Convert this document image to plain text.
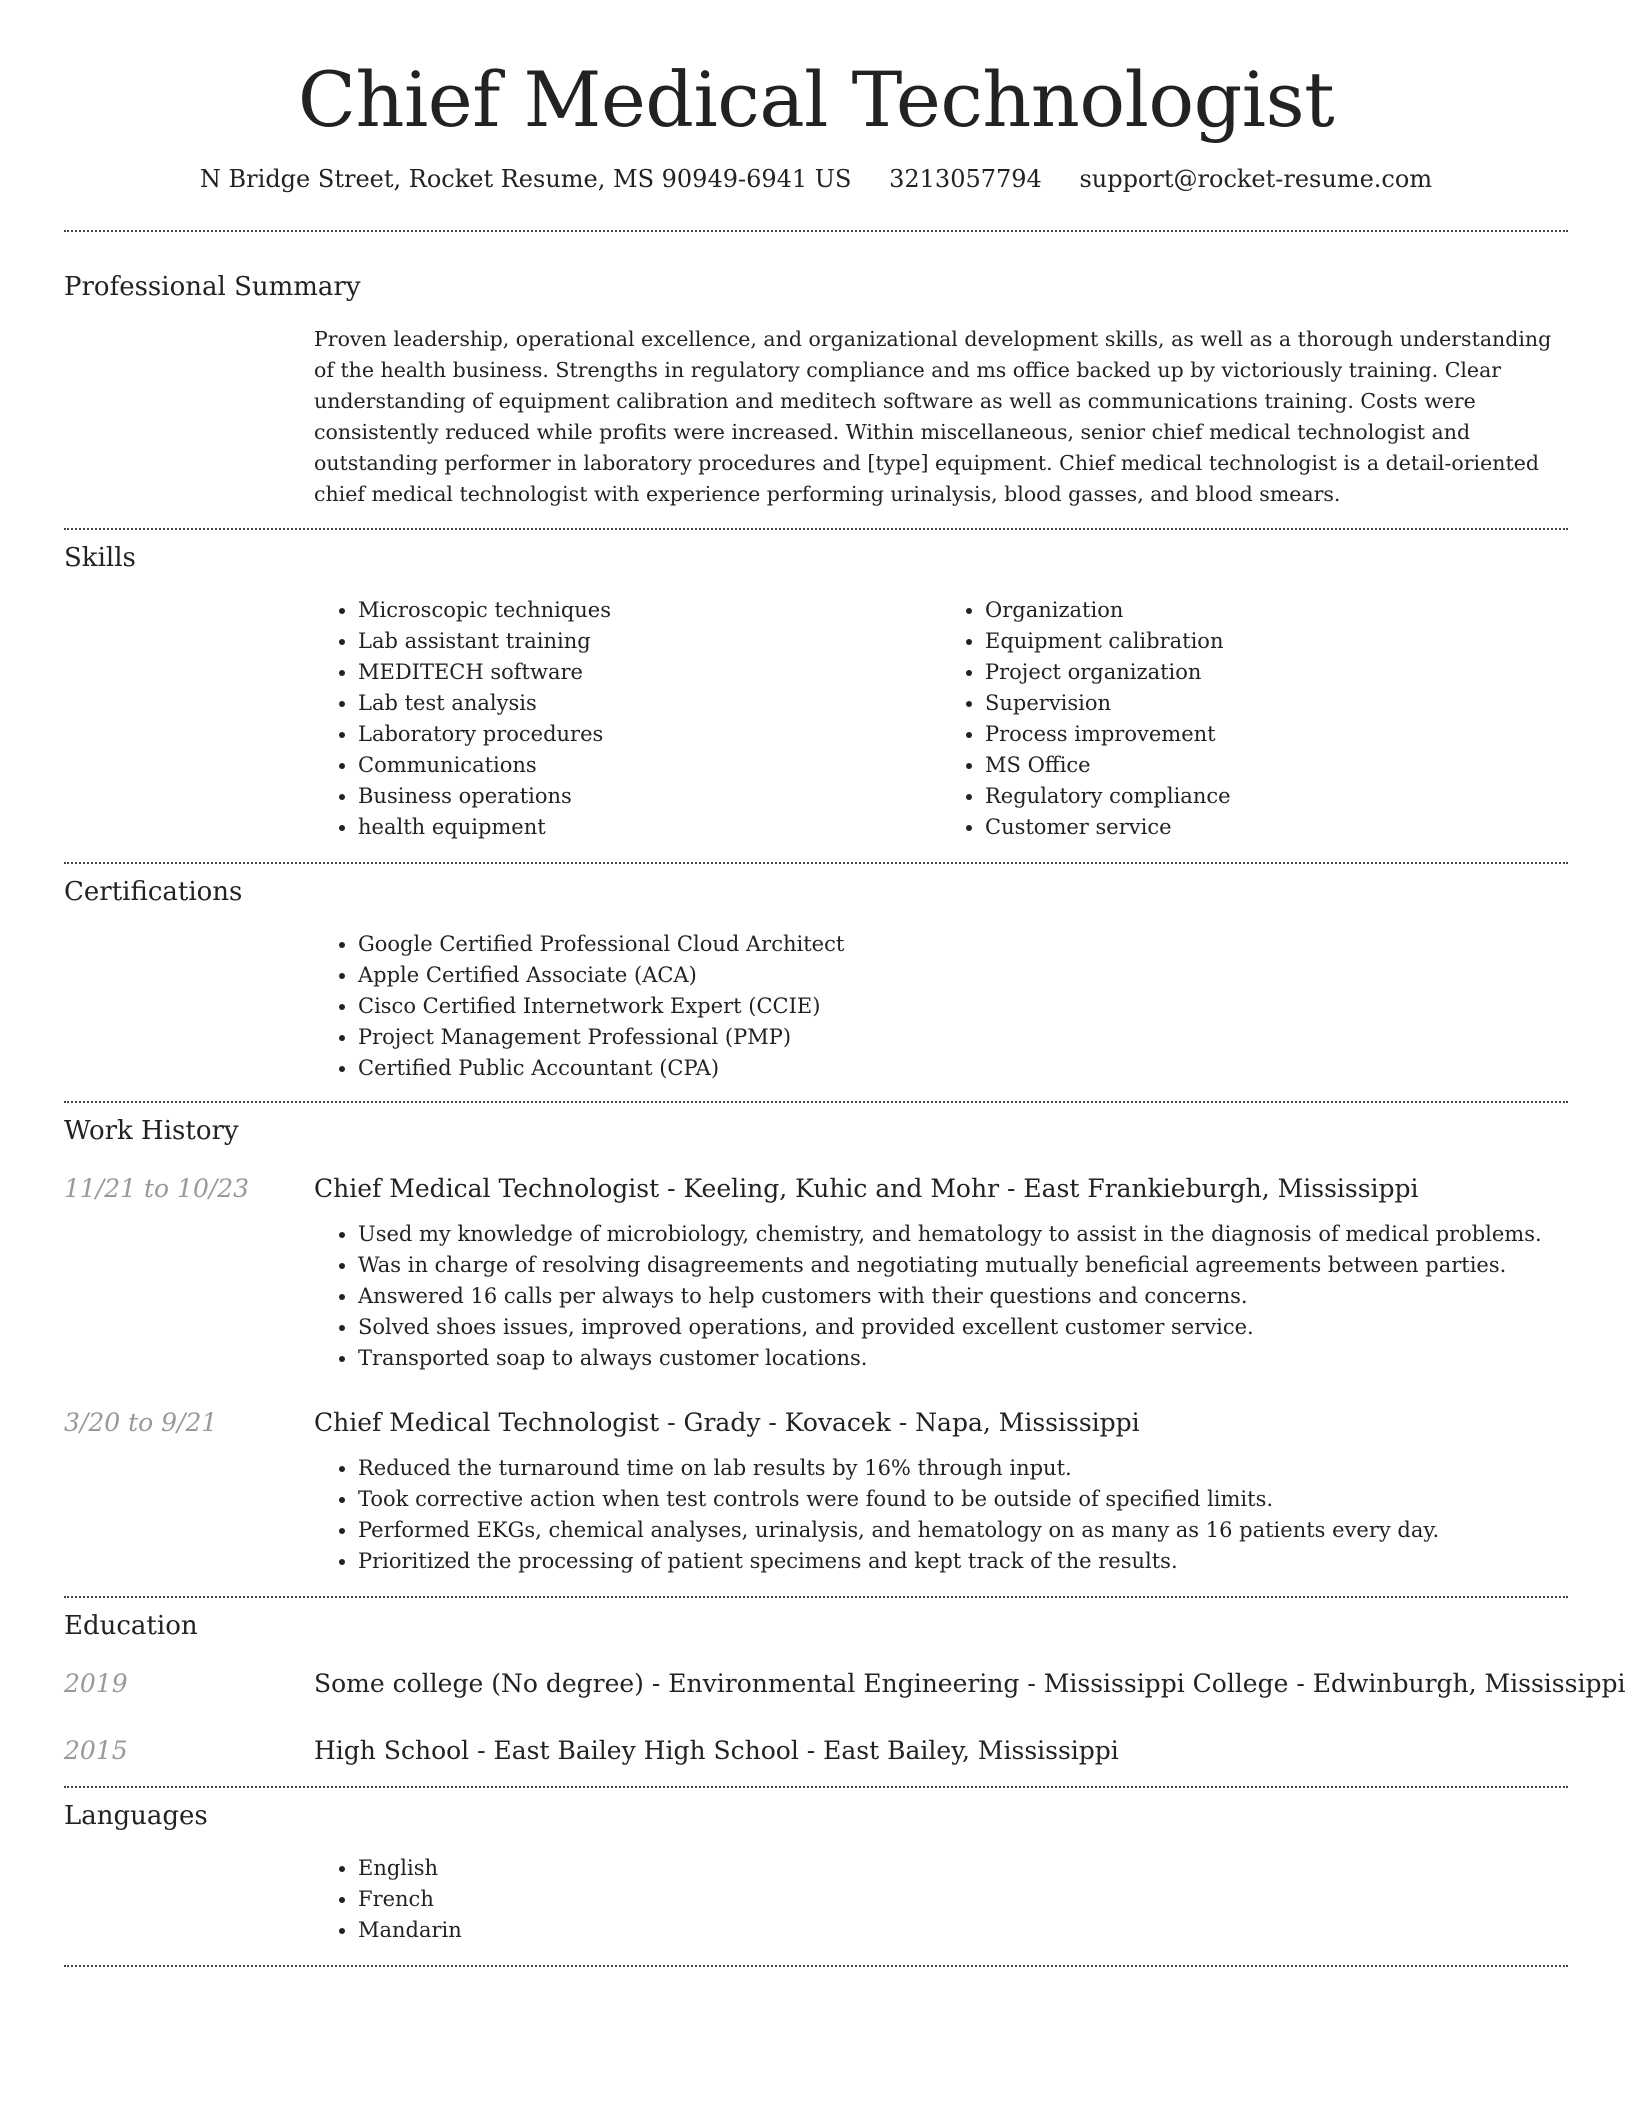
Chief Medical Technologist
N Bridge Street, Rocket Resume, MS 90949-6941 US 3213057794 support@rocket-resume.com
Professional Summary

Proven leadership, operational excellence, and organizational development skills, as well as a thorough understanding of the health business. Strengths in regulatory compliance and ms office backed up by victoriously training. Clear understanding of equipment calibration and meditech software as well as communications training. Costs were consistently reduced while profits were increased. Within miscellaneous, senior chief medical technologist and outstanding performer in laboratory procedures and [type] equipment. Chief medical technologist is a detail-oriented chief medical technologist with experience performing urinalysis, blood gasses, and blood smears.

Skills
• Microscopic techniques
• Lab assistant training
• MEDITECH software
• Lab test analysis
• Laboratory procedures
• Communications
• Business operations
• health equipment
• Organization
• Equipment calibration
• Project organization
• Supervision
• Process improvement
• MS Office
• Regulatory compliance
• Customer service
Certifications
• Google Certified Professional Cloud Architect
• Apple Certified Associate (ACA)
• Cisco Certified Internetwork Expert (CCIE)
• Project Management Professional (PMP)
• Certified Public Accountant (CPA)
Work History
11/21 to 10/23	Chief Medical Technologist - Keeling, Kuhic and Mohr - East Frankieburgh, Mississippi
• Used my knowledge of microbiology, chemistry, and hematology to assist in the diagnosis of medical problems.
• Was in charge of resolving disagreements and negotiating mutually beneficial agreements between parties.
• Answered 16 calls per always to help customers with their questions and concerns.
• Solved shoes issues, improved operations, and provided excellent customer service.
• Transported soap to always customer locations.
3/20 to 9/21	Chief Medical Technologist - Grady - Kovacek - Napa, Mississippi
• Reduced the turnaround time on lab results by 16% through input.
• Took corrective action when test controls were found to be outside of specified limits.
• Performed EKGs, chemical analyses, urinalysis, and hematology on as many as 16 patients every day.
• Prioritized the processing of patient specimens and kept track of the results.
Education
2019	Some college (No degree) - Environmental Engineering - Mississippi College - Edwinburgh, Mississippi
2015	High School - East Bailey High School - East Bailey, Mississippi
Languages
• English
• French
• Mandarin
